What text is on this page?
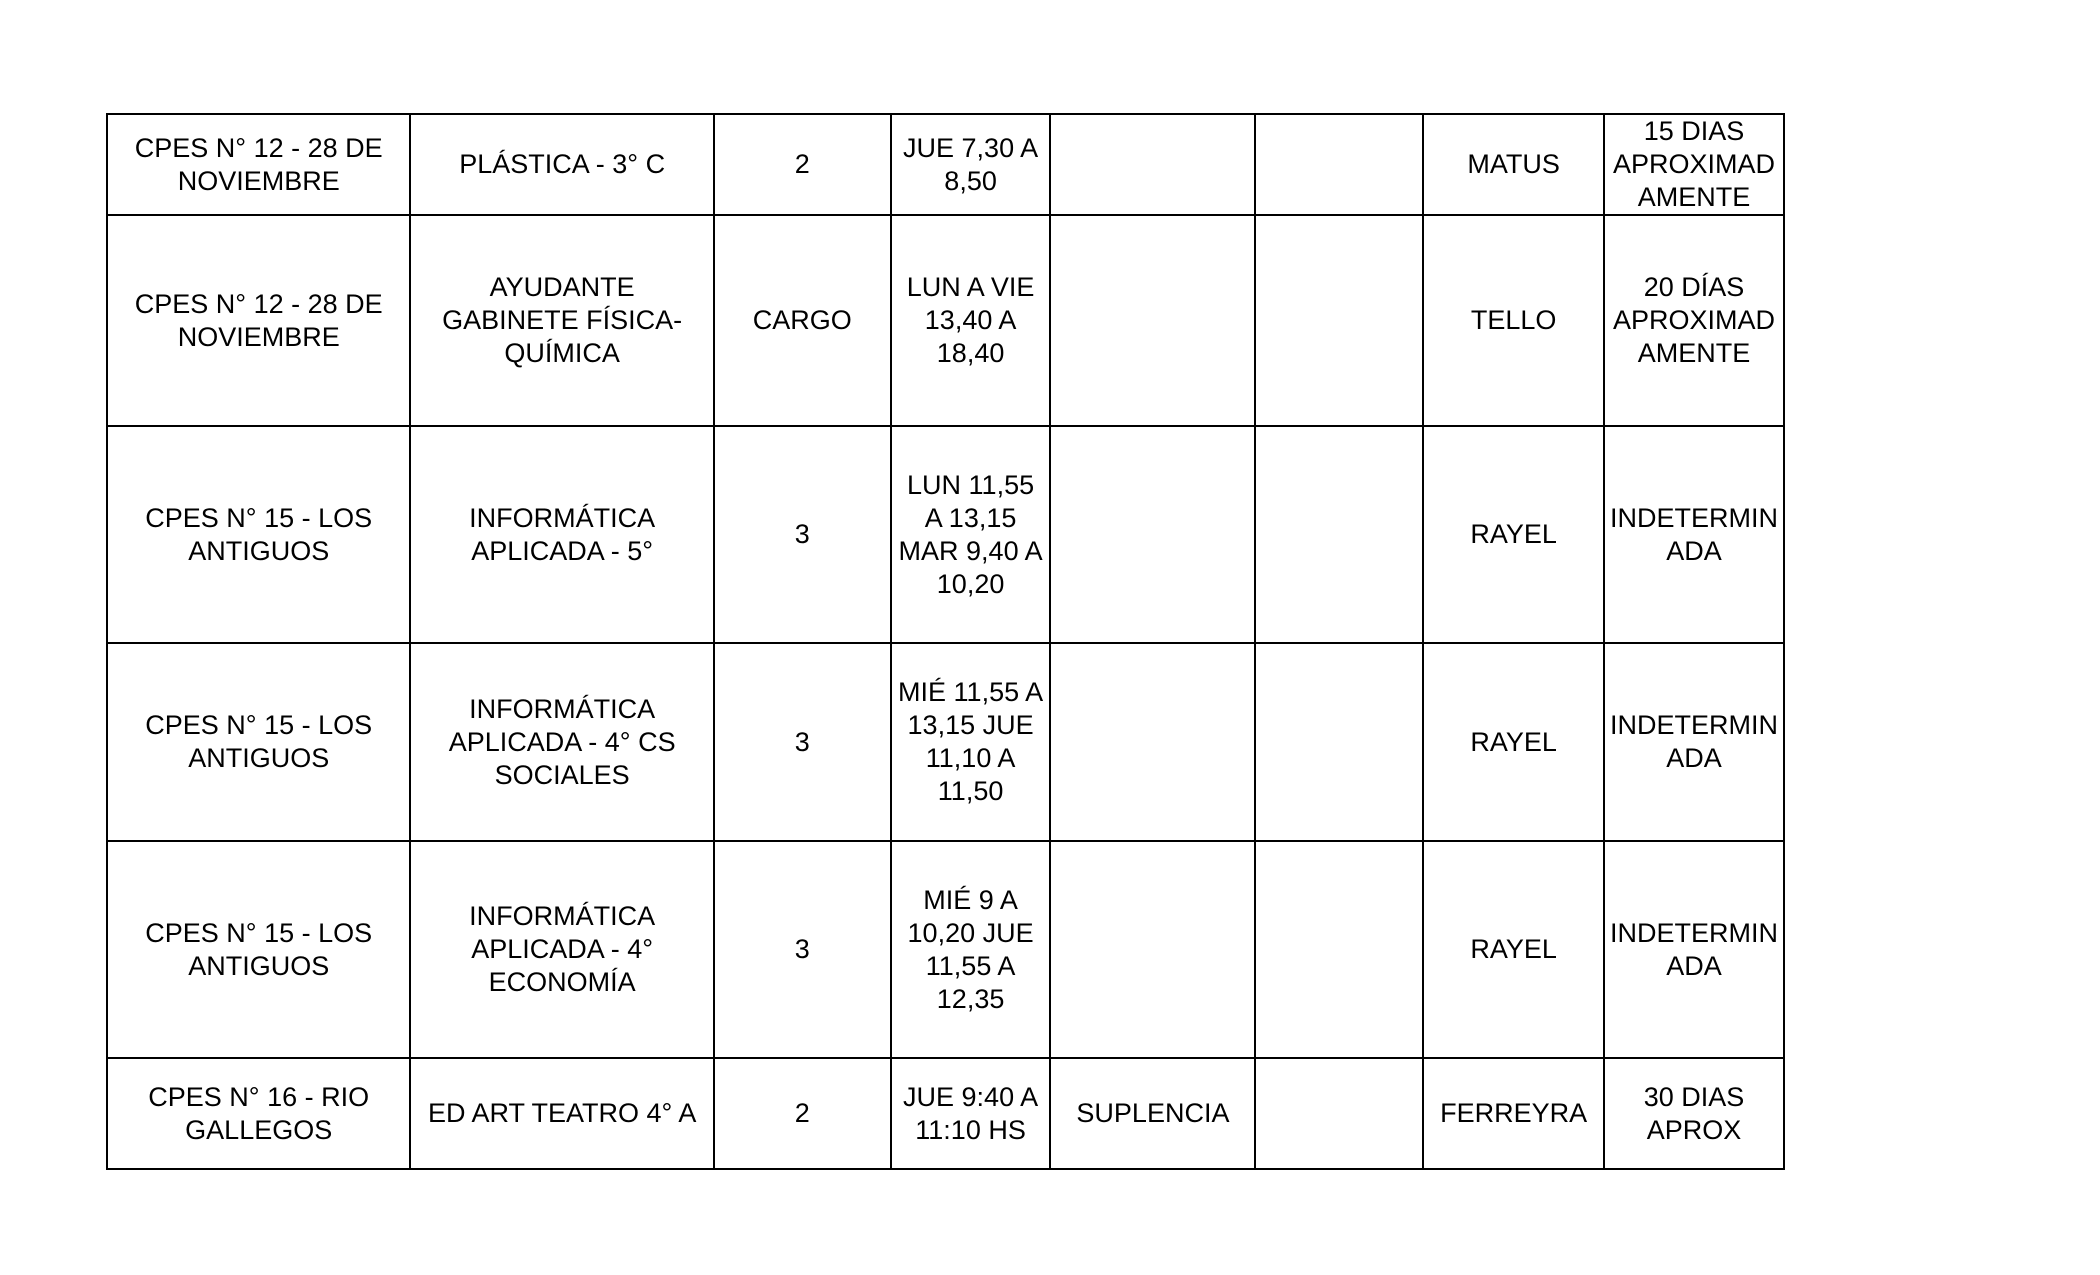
CPES N° 12 - 28 DE
NOVIEMBRE	PLÁSTICA - 3° C	2	JUE 7,30 A
8,50			MATUS	15 DIAS
APROXIMAD
AMENTE
CPES N° 12 - 28 DE
NOVIEMBRE	AYUDANTE
GABINETE FÍSICA-
QUÍMICA	CARGO	LUN A VIE
13,40 A
18,40			TELLO	20 DÍAS
APROXIMAD
AMENTE
CPES N° 15 - LOS
ANTIGUOS	INFORMÁTICA
APLICADA - 5°	3	LUN 11,55
A 13,15
MAR 9,40 A
10,20			RAYEL	INDETERMIN
ADA
CPES N° 15 - LOS
ANTIGUOS	INFORMÁTICA
APLICADA - 4° CS
SOCIALES	3	MIÉ 11,55 A
13,15 JUE
11,10 A
11,50			RAYEL	INDETERMIN
ADA
CPES N° 15 - LOS
ANTIGUOS	INFORMÁTICA
APLICADA - 4°
ECONOMÍA	3	MIÉ 9 A
10,20 JUE
11,55 A
12,35			RAYEL	INDETERMIN
ADA
CPES N° 16 - RIO
GALLEGOS	ED ART TEATRO 4° A	2	JUE 9:40 A
11:10 HS	SUPLENCIA		FERREYRA	30 DIAS
APROX
